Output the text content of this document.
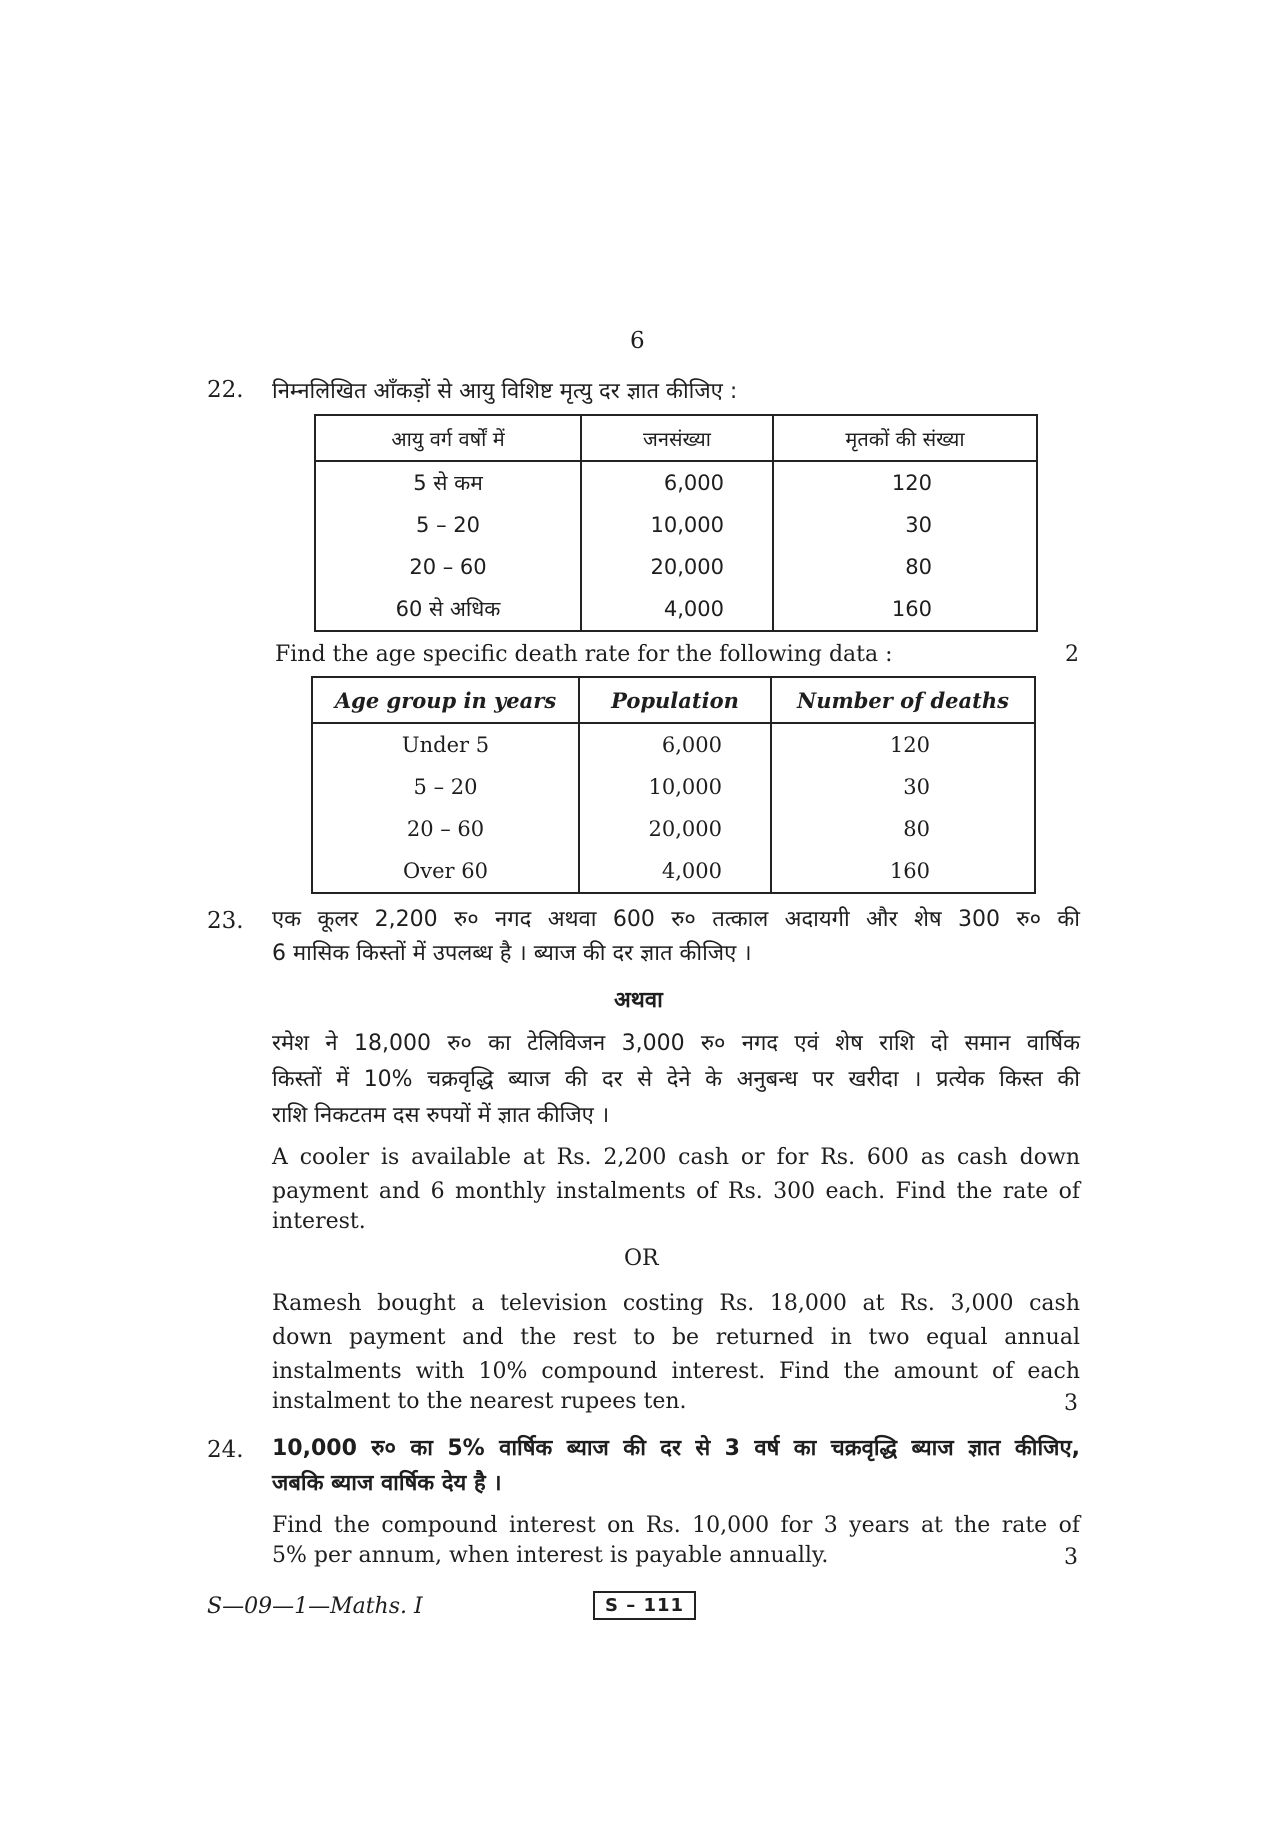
6
22. निम्नलिखित आँकड़ों से आयु विशिष्ट मृत्यु दर ज्ञात कीजिए :
आयु वर्ग वर्षों में	जनसंख्या	मृतकों की संख्या
5 से कम	6,000	120
5 – 20	10,000	30
20 – 60	20,000	80
60 से अधिक	4,000	160
Find the age specific death rate for the following data :	2
Age group in years	Population	Number of deaths
Under 5	6,000	120
5 – 20	10,000	30
20 – 60	20,000	80
Over 60	4,000	160
23. एक कूलर 2,200 रु० नगद अथवा 600 रु० तत्काल अदायगी और शेष 300 रु० की
6 मासिक किस्तों में उपलब्ध है । ब्याज की दर ज्ञात कीजिए ।
अथवा
रमेश ने 18,000 रु० का टेलिविजन 3,000 रु० नगद एवं शेष राशि दो समान वार्षिक
किस्तों में 10% चक्रवृद्धि ब्याज की दर से देने के अनुबन्ध पर खरीदा । प्रत्येक किस्त की
राशि निकटतम दस रुपयों में ज्ञात कीजिए ।
A cooler is available at Rs. 2,200 cash or for Rs. 600 as cash down
payment and 6 monthly instalments of Rs. 300 each. Find the rate of
interest.
OR
Ramesh bought a television costing Rs. 18,000 at Rs. 3,000 cash
down payment and the rest to be returned in two equal annual
instalments with 10% compound interest. Find the amount of each
instalment to the nearest rupees ten.	3
24. 10,000 रु० का 5% वार्षिक ब्याज की दर से 3 वर्ष का चक्रवृद्धि ब्याज ज्ञात कीजिए,
जबकि ब्याज वार्षिक देय है ।
Find the compound interest on Rs. 10,000 for 3 years at the rate of
5% per annum, when interest is payable annually.	3
S—09—1—Maths. I	S – 111
